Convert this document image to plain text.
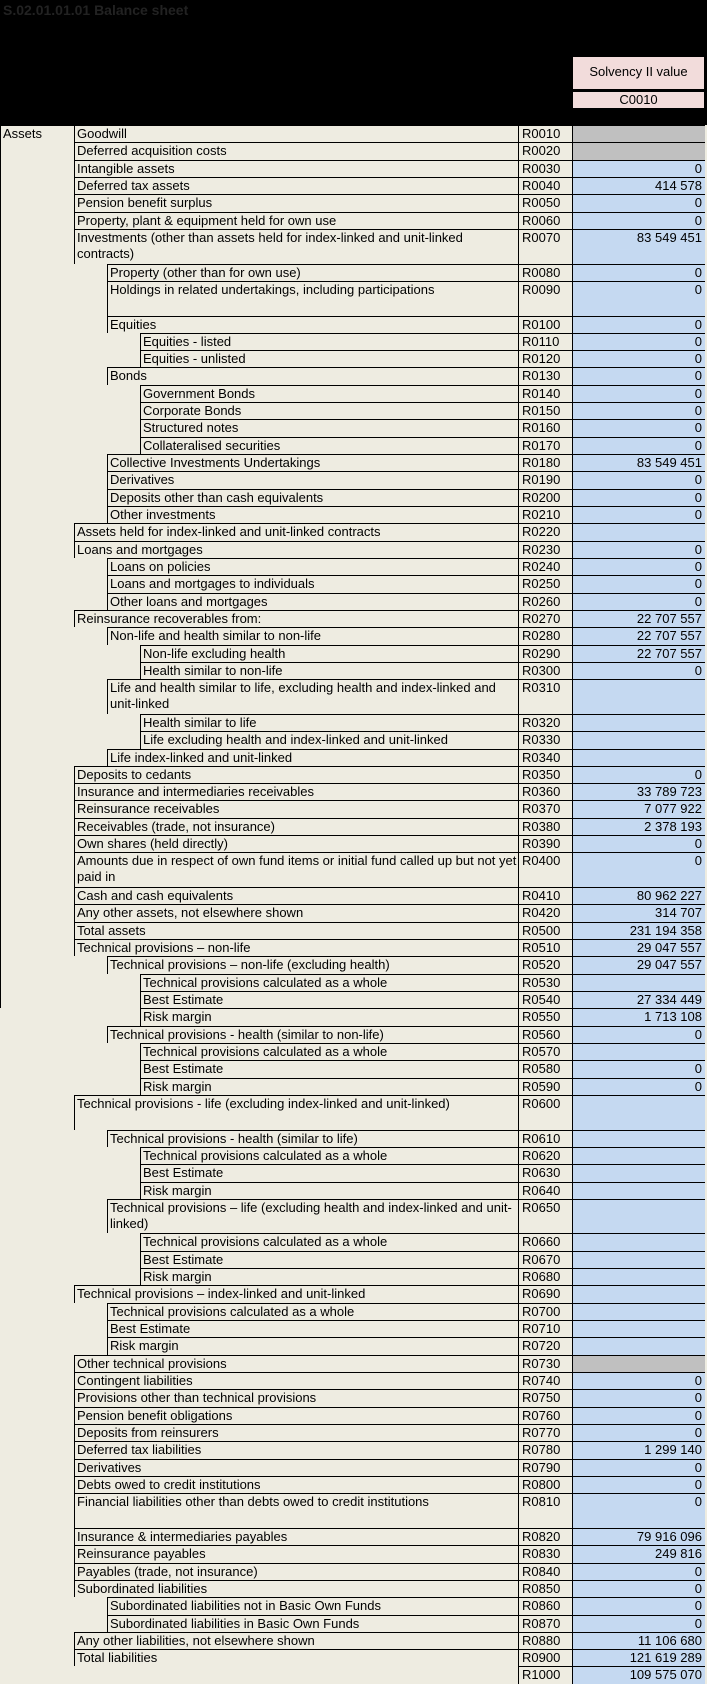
S.02.01.01.01 Balance sheet
Solvency II value
C0010
Goodwill	R0010
Deferred acquisition costs	R0020
Intangible assets	R0030	0
Deferred tax assets	R0040	414 578
Pension benefit surplus	R0050	0
Property, plant & equipment held for own use	R0060	0
Investments (other than assets held for index-linked and unit-linked contracts)
R0070	83 549 451
Property (other than for own use)	R0080	0
Holdings in related undertakings, including participations	R0090	0
Equities	R0100	0
Equities - listed	R0110	0
Equities - unlisted	R0120	0
Bonds	R0130	0
Government Bonds	R0140	0
Corporate Bonds	R0150	0
Structured notes	R0160	0
Collateralised securities	R0170	0
Collective Investments Undertakings	R0180	83 549 451
Derivatives	R0190	0
Deposits other than cash equivalents	R0200	0
Other investments	R0210	0
Assets held for index-linked and unit-linked contracts	R0220
Loans and mortgages	R0230	0
Loans on policies	R0240	0
Loans and mortgages to individuals	R0250	0
Other loans and mortgages	R0260	0
Reinsurance recoverables from:	R0270	22 707 557
Non-life and health similar to non-life	R0280	22 707 557
Non-life excluding health	R0290	22 707 557
Health similar to non-life	R0300	0
Life and health similar to life, excluding health and index-linked and unit-linked
R0310
Health similar to life	R0320
Life excluding health and index-linked and unit-linked	R0330
Life index-linked and unit-linked	R0340
Deposits to cedants	R0350	0
Insurance and intermediaries receivables	R0360	33 789 723
Reinsurance receivables	R0370	7 077 922
Receivables (trade, not insurance)	R0380	2 378 193
Own shares (held directly)	R0390	0
Amounts due in respect of own fund items or initial fund called up but not yet paid in
R0400	0
Cash and cash equivalents	R0410	80 962 227
Any other assets, not elsewhere shown	R0420	314 707
Total assets	R0500	231 194 358
Technical provisions – non-life	R0510	29 047 557
Technical provisions – non-life (excluding health)	R0520	29 047 557
Technical provisions calculated as a whole	R0530
Best Estimate	R0540	27 334 449
Risk margin	R0550	1 713 108
Technical provisions - health (similar to non-life)	R0560	0
Technical provisions calculated as a whole	R0570
Best Estimate	R0580	0
Risk margin	R0590	0
Technical provisions - life (excluding index-linked and unit-linked)	R0600
Technical provisions - health (similar to life)	R0610
Technical provisions calculated as a whole	R0620
Best Estimate	R0630
Risk margin	R0640
Technical provisions – life (excluding health and index-linked and unit-linked)
R0650
Technical provisions calculated as a whole	R0660
Best Estimate	R0670
Risk margin	R0680
Technical provisions – index-linked and unit-linked	R0690
Technical provisions calculated as a whole	R0700
Best Estimate	R0710
Risk margin	R0720
Other technical provisions	R0730
Contingent liabilities	R0740	0
Provisions other than technical provisions	R0750	0
Pension benefit obligations	R0760	0
Deposits from reinsurers	R0770	0
Deferred tax liabilities	R0780	1 299 140
Derivatives	R0790	0
Debts owed to credit institutions	R0800	0
Financial liabilities other than debts owed to credit institutions	R0810	0
Insurance & intermediaries payables	R0820	79 916 096
Reinsurance payables	R0830	249 816
Payables (trade, not insurance)	R0840	0
Subordinated liabilities	R0850	0
Subordinated liabilities not in Basic Own Funds	R0860	0
Subordinated liabilities in Basic Own Funds	R0870	0
Any other liabilities, not elsewhere shown	R0880	11 106 680
Total liabilities	R0900	121 619 289
R1000	109 575 070
Assets
